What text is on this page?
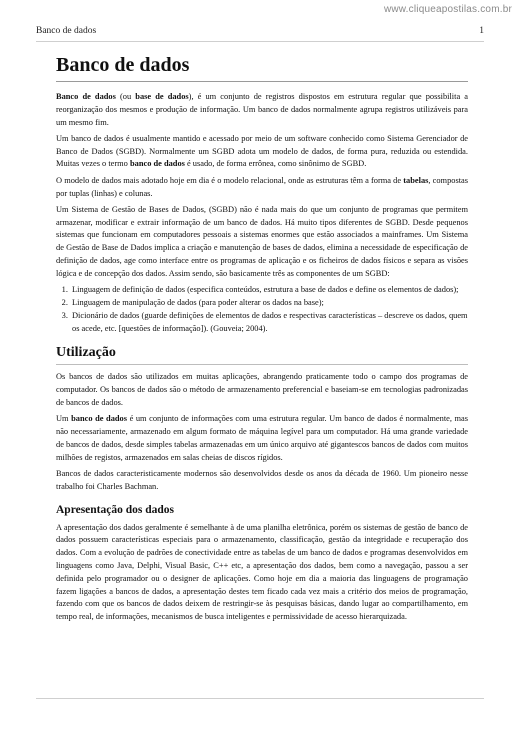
www.cliqueapostilas.com.br
Banco de dados	1
Banco de dados

Banco de dados (ou base de dados), é um conjunto de registros dispostos em estrutura regular que possibilita a reorganização dos mesmos e produção de informação. Um banco de dados normalmente agrupa registros utilizáveis para um mesmo fim.

Um banco de dados é usualmente mantido e acessado por meio de um software conhecido como Sistema Gerenciador de Banco de Dados (SGBD). Normalmente um SGBD adota um modelo de dados, de forma pura, reduzida ou estendida. Muitas vezes o termo banco de dados é usado, de forma errônea, como sinônimo de SGBD.

O modelo de dados mais adotado hoje em dia é o modelo relacional, onde as estruturas têm a forma de tabelas, compostas por tuplas (linhas) e colunas.

Um Sistema de Gestão de Bases de Dados, (SGBD) não é nada mais do que um conjunto de programas que permitem armazenar, modificar e extrair informação de um banco de dados. Há muito tipos diferentes de SGBD. Desde pequenos sistemas que funcionam em computadores pessoais a sistemas enormes que estão associados a mainframes. Um Sistema de Gestão de Base de Dados implica a criação e manutenção de bases de dados, elimina a necessidade de especificação de definição de dados, age como interface entre os programas de aplicação e os ficheiros de dados físicos e separa as visões lógica e de concepção dos dados. Assim sendo, são basicamente três as componentes de um SGBD:

1. Linguagem de definição de dados (especifica conteúdos, estrutura a base de dados e define os elementos de dados);
2. Linguagem de manipulação de dados (para poder alterar os dados na base);
3. Dicionário de dados (guarde definições de elementos de dados e respectivas características – descreve os dados, quem os acede, etc. [questões de informação]). (Gouveia; 2004).
Utilização

Os bancos de dados são utilizados em muitas aplicações, abrangendo praticamente todo o campo dos programas de computador. Os bancos de dados são o método de armazenamento preferencial e baseiam-se em tecnologias padronizadas de bancos de dados.

Um banco de dados é um conjunto de informações com uma estrutura regular. Um banco de dados é normalmente, mas não necessariamente, armazenado em algum formato de máquina legível para um computador. Há uma grande variedade de bancos de dados, desde simples tabelas armazenadas em um único arquivo até gigantescos bancos de dados com muitos milhões de registos, armazenados em salas cheias de discos rígidos.

Bancos de dados caracteristicamente modernos são desenvolvidos desde os anos da década de 1960. Um pioneiro nesse trabalho foi Charles Bachman.

Apresentação dos dados

A apresentação dos dados geralmente é semelhante à de uma planilha eletrônica, porém os sistemas de gestão de banco de dados possuem características especiais para o armazenamento, classificação, gestão da integridade e recuperação dos dados. Com a evolução de padrões de conectividade entre as tabelas de um banco de dados e programas desenvolvidos em linguagens como Java, Delphi, Visual Basic, C++ etc, a apresentação dos dados, bem como a navegação, passou a ser definida pelo programador ou o designer de aplicações. Como hoje em dia a maioria das linguagens de programação fazem ligações a bancos de dados, a apresentação destes tem ficado cada vez mais a critério dos meios de programação, fazendo com que os bancos de dados deixem de restringir-se às pesquisas básicas, dando lugar ao compartilhamento, em tempo real, de informações, mecanismos de busca inteligentes e permissividade de acesso hierarquizada.
